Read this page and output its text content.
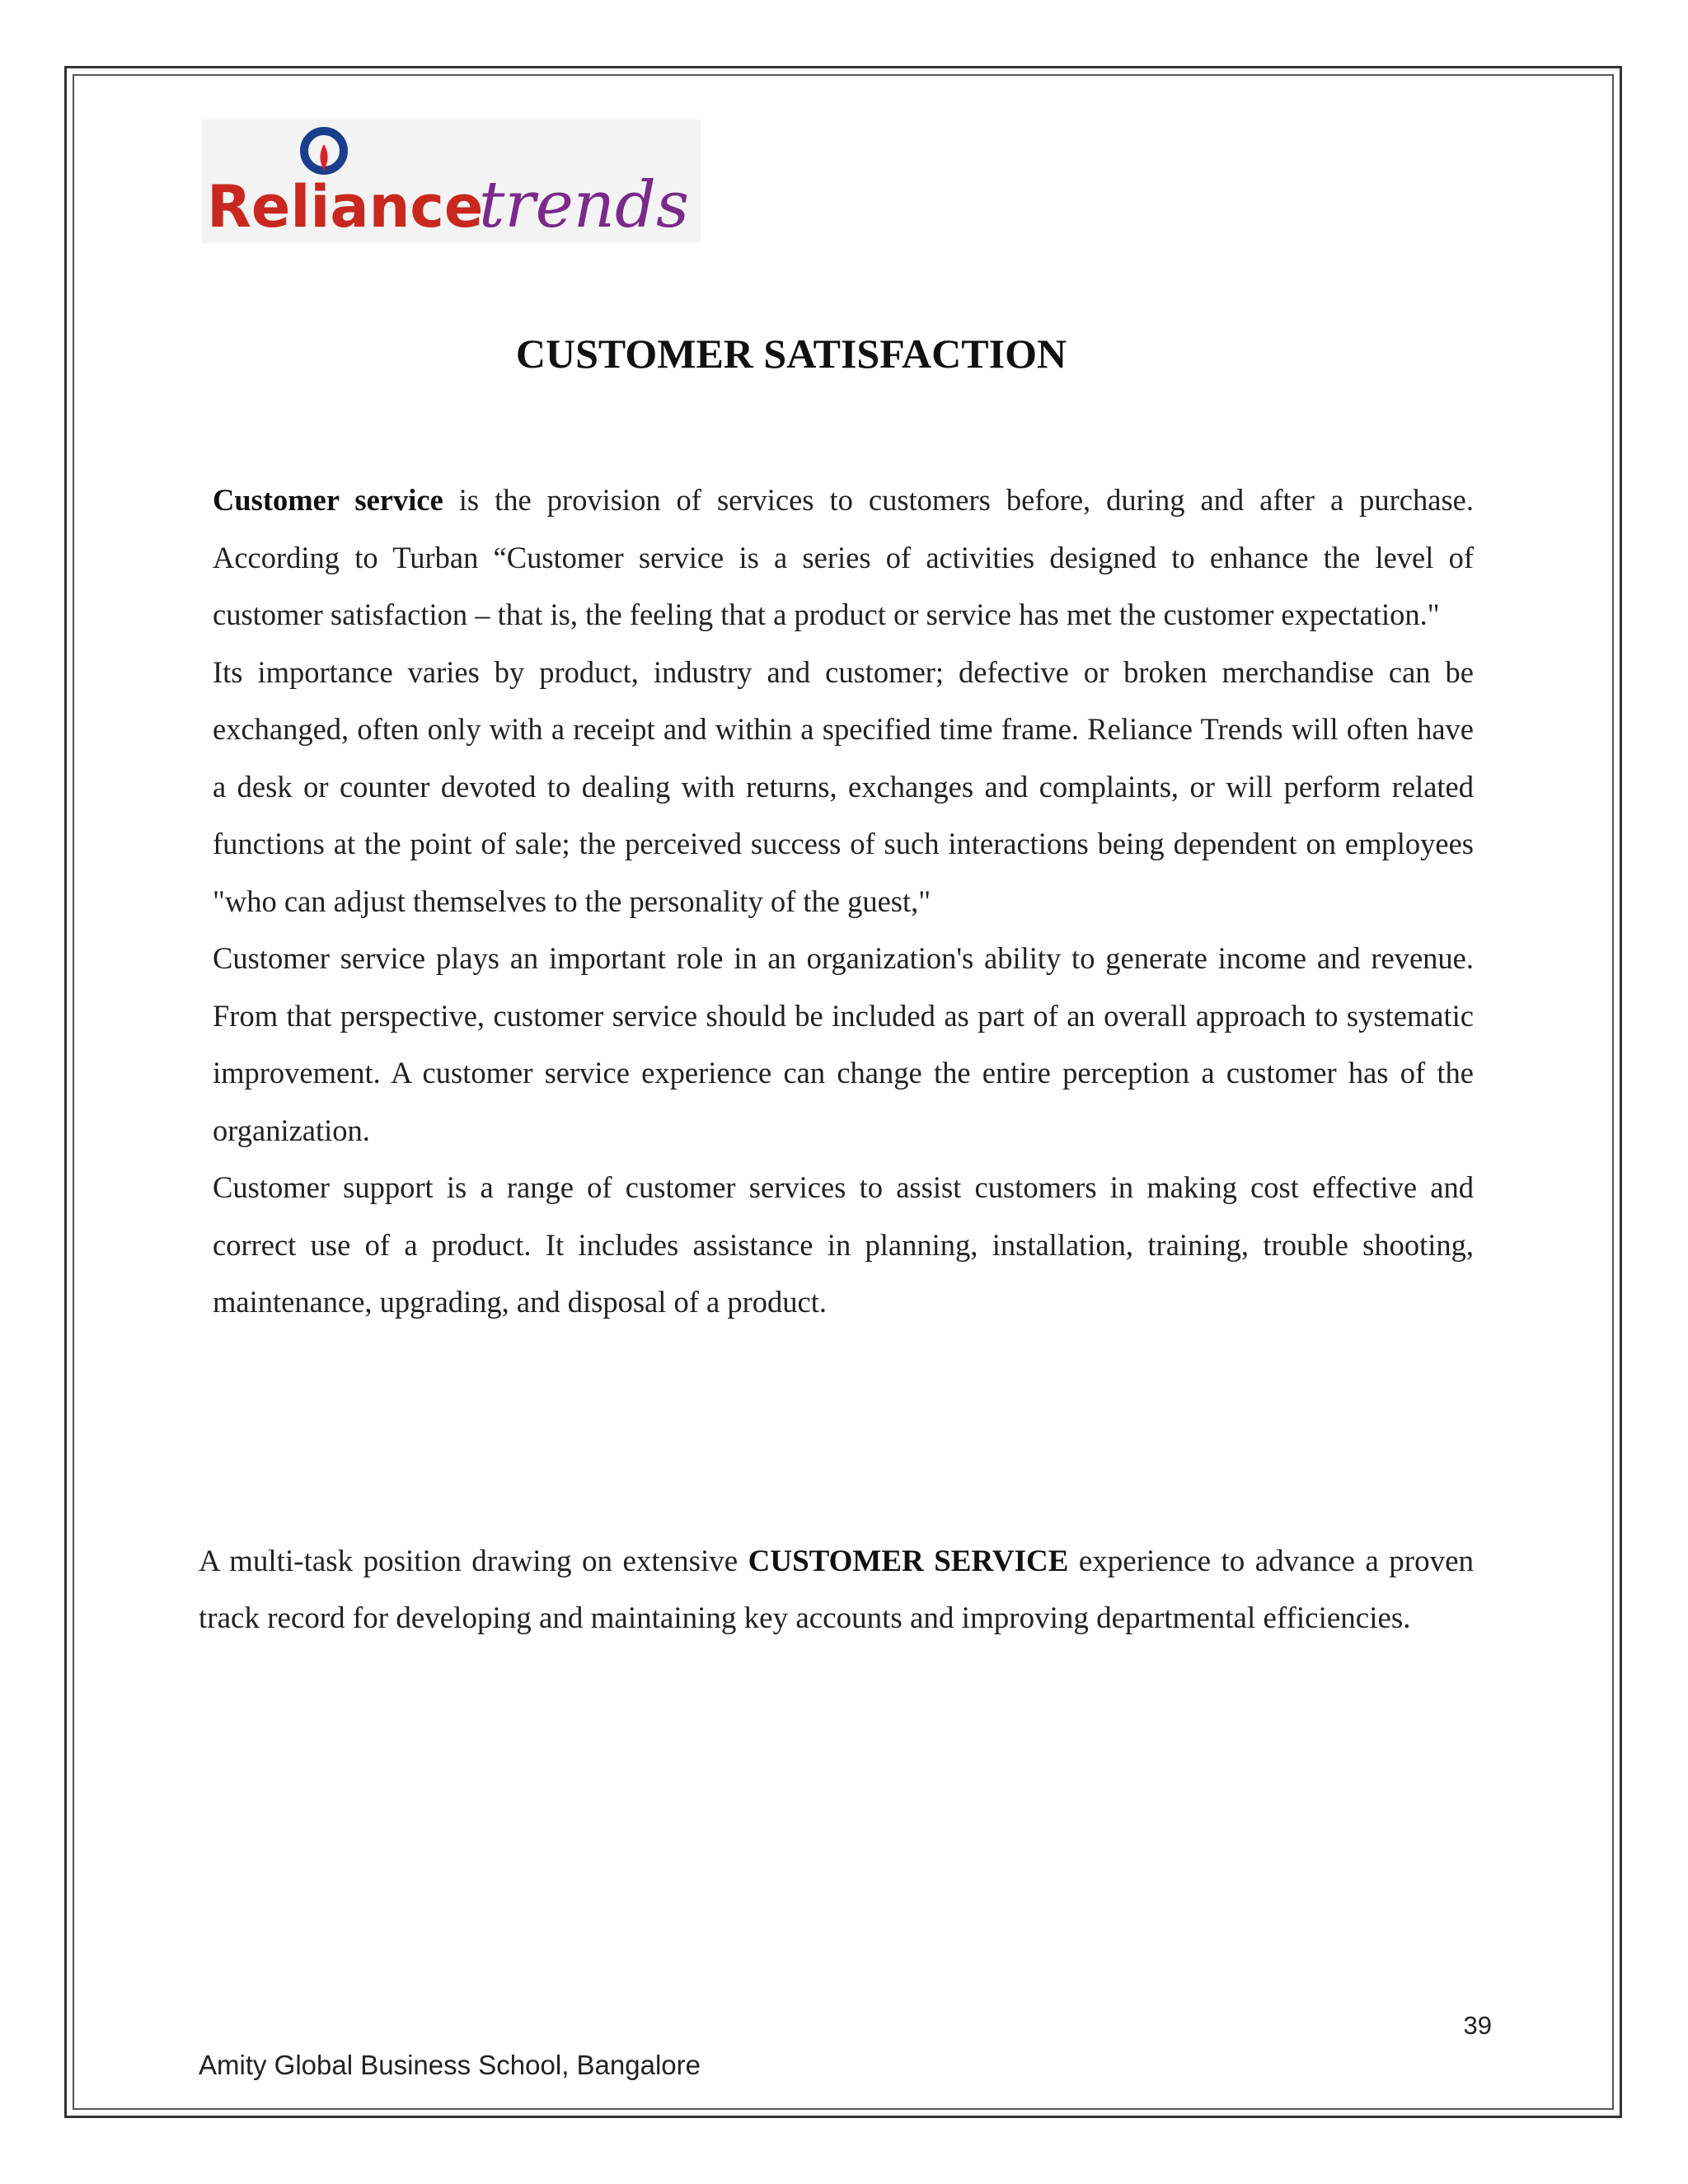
Reliance
trends
CUSTOMER SATISFACTION

Customer service is the provision of services to customers before, during and after a purchase. According to Turban “Customer service is a series of activities designed to enhance the level of customer satisfaction – that is, the feeling that a product or service has met the customer expectation."

Its importance varies by product, industry and customer; defective or broken merchandise can be exchanged, often only with a receipt and within a specified time frame. Reliance Trends will often have a desk or counter devoted to dealing with returns, exchanges and complaints, or will perform related functions at the point of sale; the perceived success of such interactions being dependent on employees "who can adjust themselves to the personality of the guest,"

Customer service plays an important role in an organization's ability to generate income and revenue. From that perspective, customer service should be included as part of an overall approach to systematic improvement. A customer service experience can change the entire perception a customer has of the organization.

Customer support is a range of customer services to assist customers in making cost effective and correct use of a product. It includes assistance in planning, installation, training, trouble shooting, maintenance, upgrading, and disposal of a product.

A multi-task position drawing on extensive CUSTOMER SERVICE experience to advance a proven track record for developing and maintaining key accounts and improving departmental efficiencies.

39
Amity Global Business School, Bangalore
